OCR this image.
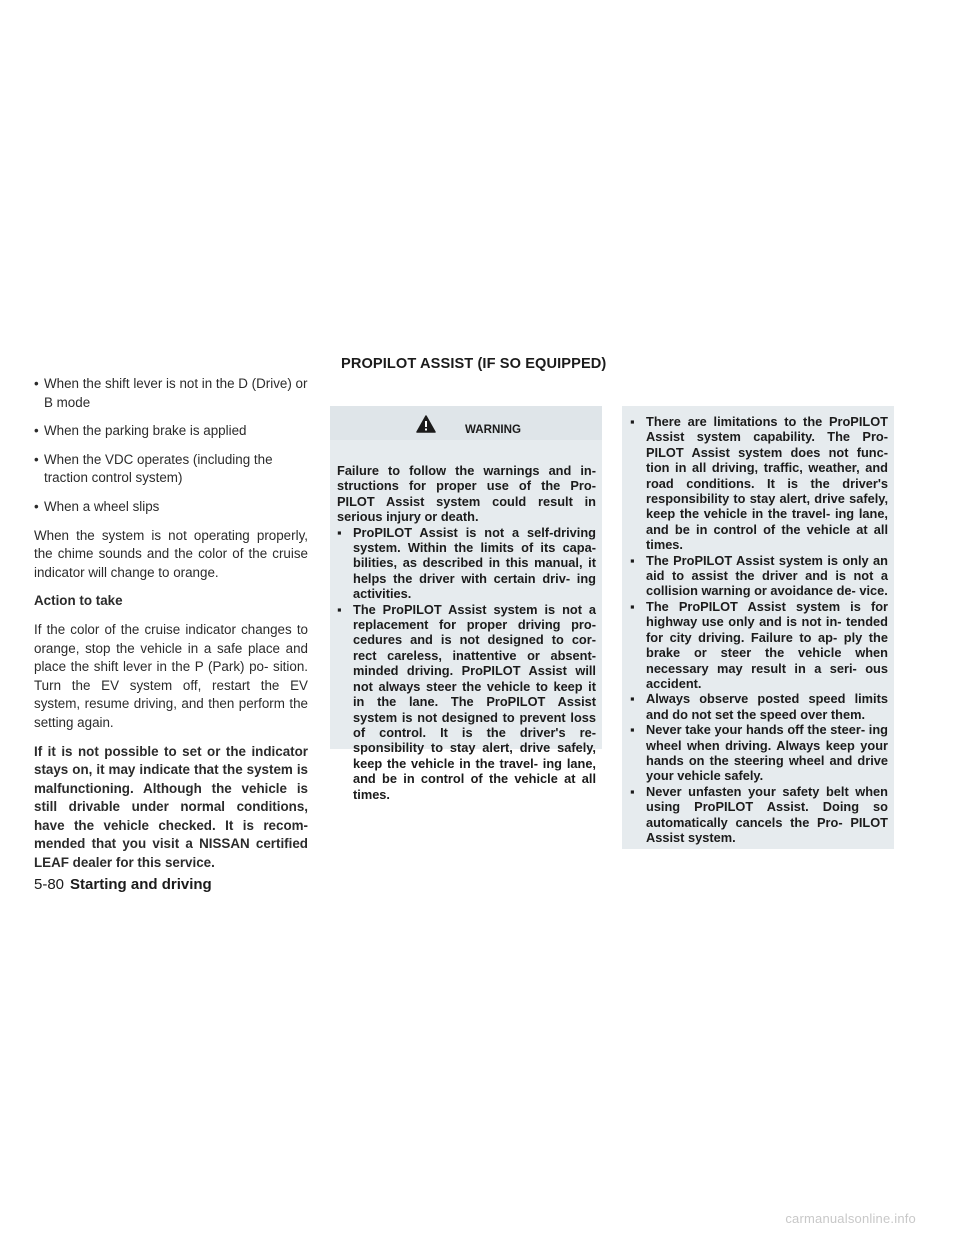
• When the shift lever is not in the D (Drive) or B mode
• When the parking brake is applied
• When the VDC operates (including the traction control system)
• When a wheel slips

When the system is not operating properly, the chime sounds and the color of the cruise indicator will change to orange.

Action to take

If the color of the cruise indicator changes to orange, stop the vehicle in a safe place and place the shift lever in the P (Park) po- sition. Turn the EV system off, restart the EV system, resume driving, and then perform the setting again.

If it is not possible to set or the indicator stays on, it may indicate that the system is malfunctioning. Although the vehicle is still drivable under normal conditions, have the vehicle checked. It is recom- mended that you visit a NISSAN certified LEAF dealer for this service.

PROPILOT ASSIST (IF SO EQUIPPED)
WARNING

Failure to follow the warnings and in- structions for proper use of the Pro- PILOT Assist system could result in serious injury or death.

▪ ProPILOT Assist is not a self-driving system. Within the limits of its capa- bilities, as described in this manual, it helps the driver with certain driv- ing activities.
▪ The ProPILOT Assist system is not a replacement for proper driving pro- cedures and is not designed to cor- rect careless, inattentive or absent- minded driving. ProPILOT Assist will not always steer the vehicle to keep it in the lane. The ProPILOT Assist system is not designed to prevent loss of control. It is the driver's re- sponsibility to stay alert, drive safely, keep the vehicle in the travel- ing lane, and be in control of the vehicle at all times.
▪ There are limitations to the ProPILOT Assist system capability. The Pro- PILOT Assist system does not func- tion in all driving, traffic, weather, and road conditions. It is the driver's responsibility to stay alert, drive safely, keep the vehicle in the travel- ing lane, and be in control of the vehicle at all times.
▪ The ProPILOT Assist system is only an aid to assist the driver and is not a collision warning or avoidance de- vice.
▪ The ProPILOT Assist system is for highway use only and is not in- tended for city driving. Failure to ap- ply the brake or steer the vehicle when necessary may result in a seri- ous accident.
▪ Always observe posted speed limits and do not set the speed over them.
▪ Never take your hands off the steer- ing wheel when driving. Always keep your hands on the steering wheel and drive your vehicle safely.
▪ Never unfasten your safety belt when using ProPILOT Assist. Doing so automatically cancels the Pro- PILOT Assist system.
5-80 Starting and driving
carmanualsonline.info
